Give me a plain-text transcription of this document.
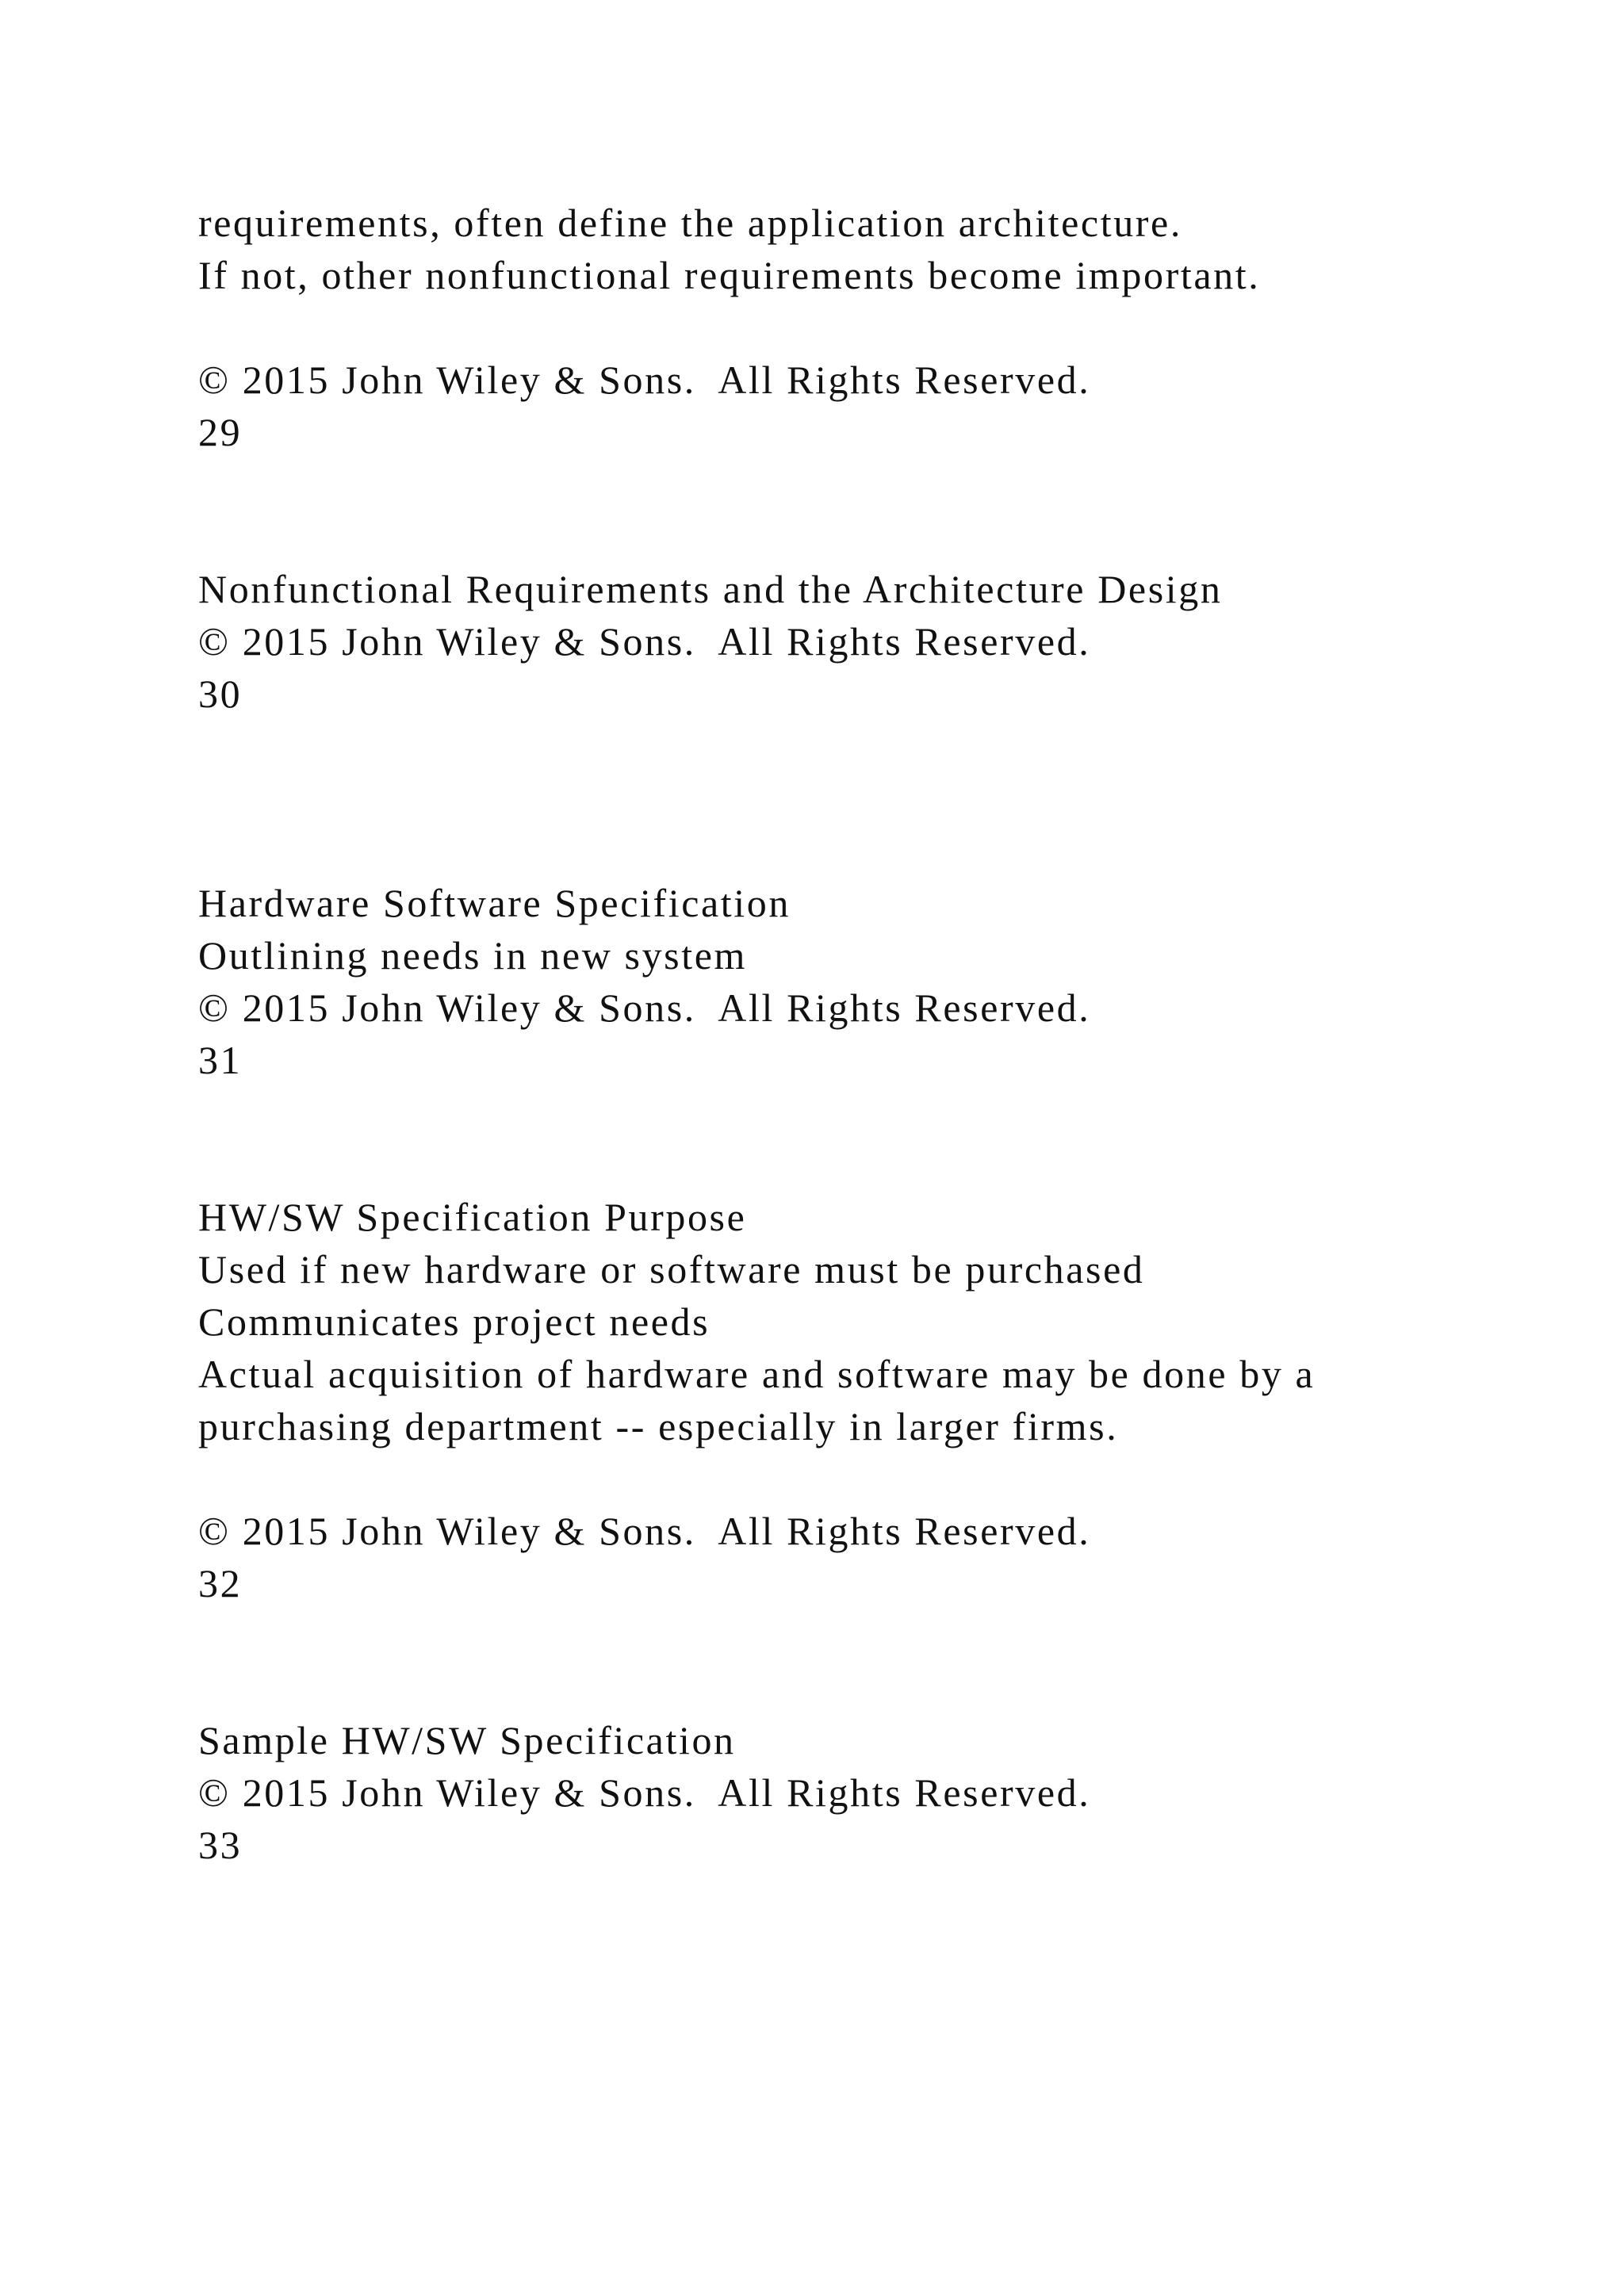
requirements, often define the application architecture.

If not, other nonfunctional requirements become important.

© 2015 John Wiley & Sons.  All Rights Reserved.

29

Nonfunctional Requirements and the Architecture Design

© 2015 John Wiley & Sons.  All Rights Reserved.

30

Hardware Software Specification

Outlining needs in new system

© 2015 John Wiley & Sons.  All Rights Reserved.

31

HW/SW Specification Purpose

Used if new hardware or software must be purchased

Communicates project needs

Actual acquisition of hardware and software may be done by a

purchasing department -- especially in larger firms.

© 2015 John Wiley & Sons.  All Rights Reserved.

32

Sample HW/SW Specification

© 2015 John Wiley & Sons.  All Rights Reserved.

33
